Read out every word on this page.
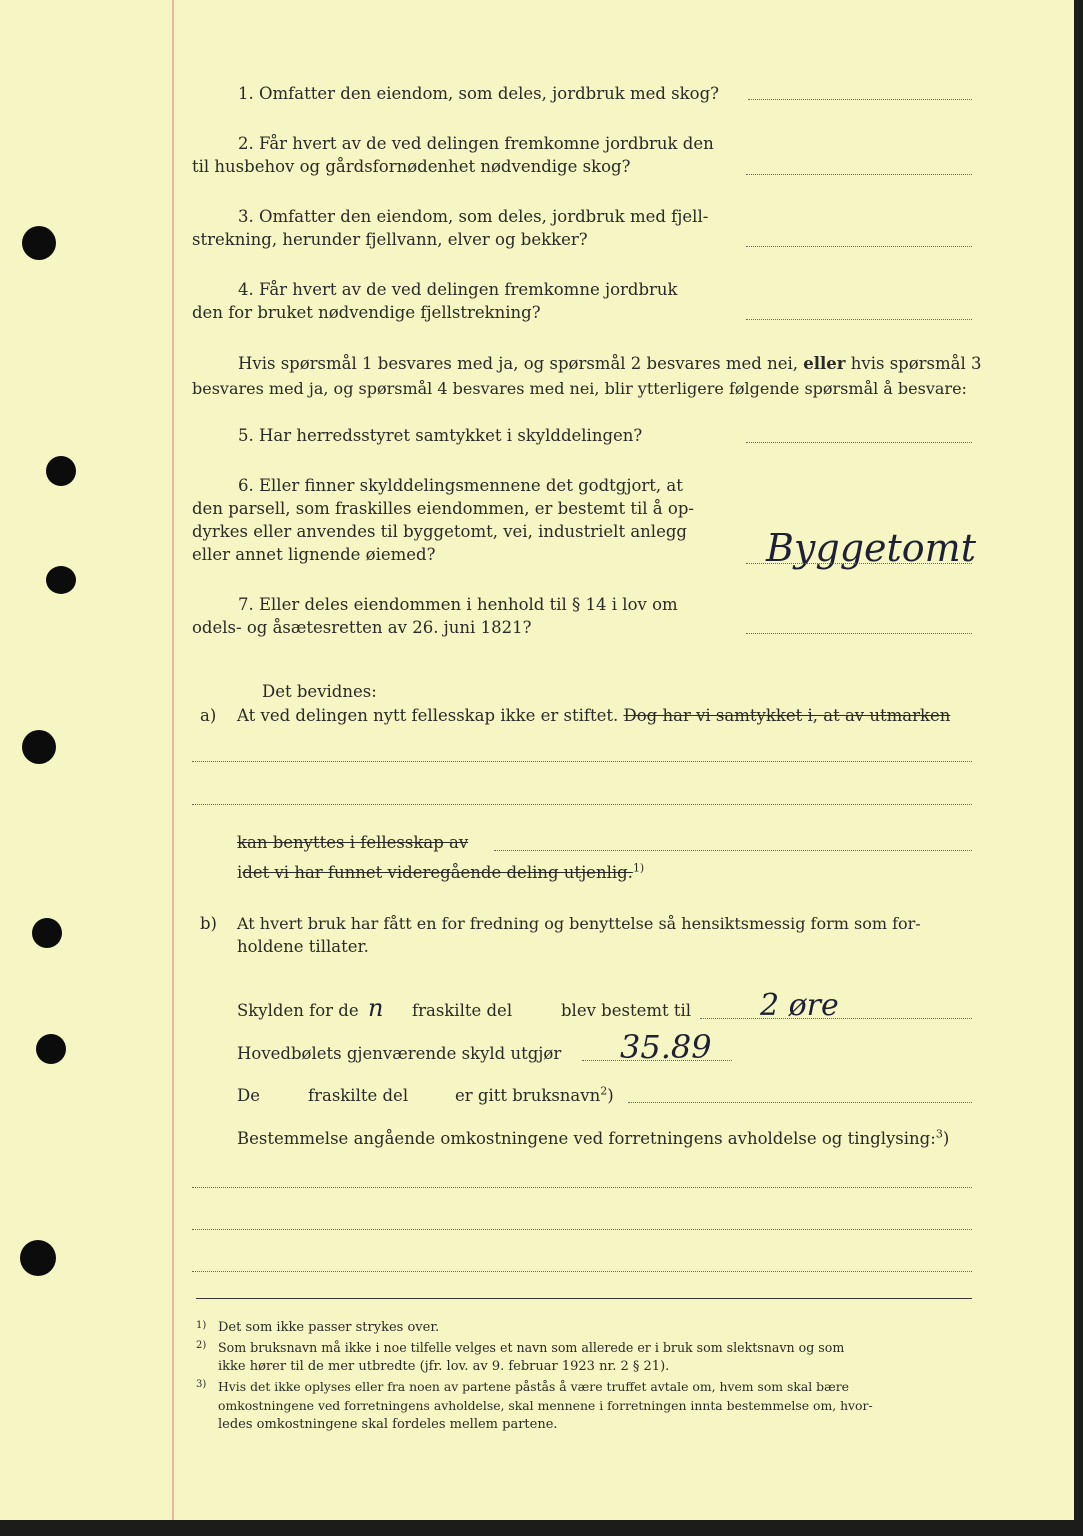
1. Omfatter den eiendom, som deles, jordbruk med skog?
2. Får hvert av de ved delingen fremkomne jordbruk den
til husbehov og gårdsfornødenhet nødvendige skog?
3. Omfatter den eiendom, som deles, jordbruk med fjell-
strekning, herunder fjellvann, elver og bekker?
4. Får hvert av de ved delingen fremkomne jordbruk
den for bruket nødvendige fjellstrekning?
Hvis spørsmål 1 besvares med ja, og spørsmål 2 besvares med nei, eller hvis spørsmål 3
besvares med ja, og spørsmål 4 besvares med nei, blir ytterligere følgende spørsmål å besvare:
5. Har herredsstyret samtykket i skylddelingen?
6. Eller finner skylddelingsmennene det godtgjort, at
den parsell, som fraskilles eiendommen, er bestemt til å op-
dyrkes eller anvendes til byggetomt, vei, industrielt anlegg
eller annet lignende øiemed?	Byggetomt
7. Eller deles eiendommen i henhold til § 14 i lov om
odels- og åsætesretten av 26. juni 1821?
Det bevidnes:
a) At ved delingen nytt fellesskap ikke er stiftet. Dog har vi samtykket i, at av utmarken
kan benyttes i fellesskap av
idet vi har funnet videregående deling utjenlig.$^{1)}$
b) At hvert bruk har fått en for fredning og benyttelse så hensiktsmessig form som for-
holdene tillater.
Skylden for de n fraskilte del	blev bestemt til 2 øre
Hovedbølets gjenværende skyld utgjør 35.89
De	fraskilte del	er gitt bruksnavn$^2$)
Bestemmelse angående omkostningene ved forretningens avholdelse og tinglysing:$^3$)
1) Det som ikke passer strykes over.
2) Som bruksnavn må ikke i noe tilfelle velges et navn som allerede er i bruk som slektsnavn og som
ikke hører til de mer utbredte (jfr. lov. av 9. februar 1923 nr. 2 § 21).
3) Hvis det ikke oplyses eller fra noen av partene påstås å være truffet avtale om, hvem som skal bære
omkostningene ved forretningens avholdelse, skal mennene i forretningen innta bestemmelse om, hvor-
ledes omkostningene skal fordeles mellem partene.
